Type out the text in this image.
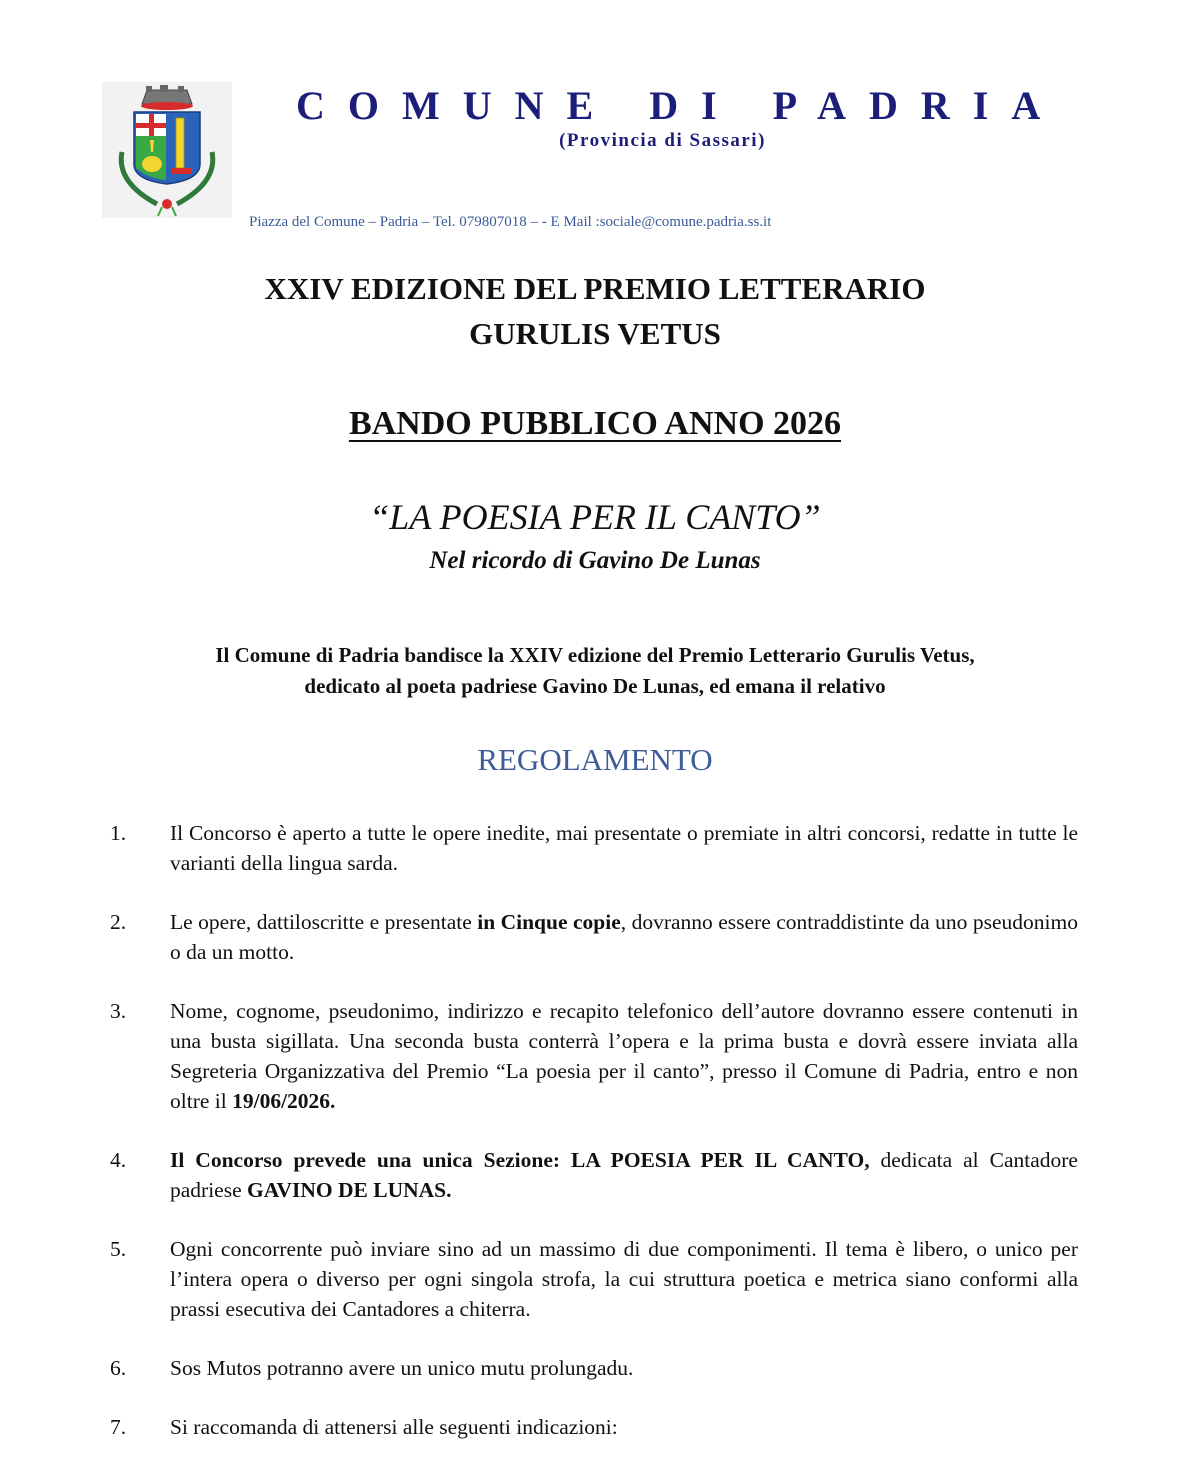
COMUNE DI PADRIA
(Provincia di Sassari)
Piazza del Comune – Padria – Tel. 079807018 – - E Mail :sociale@comune.padria.ss.it
XXIV EDIZIONE DEL PREMIO LETTERARIO
GURULIS VETUS
BANDO PUBBLICO ANNO 2026
“LA POESIA PER IL CANTO”
Nel ricordo di Gavino De Lunas
Il Comune di Padria bandisce la XXIV edizione del Premio Letterario Gurulis Vetus,
dedicato al poeta padriese Gavino De Lunas, ed emana il relativo
REGOLAMENTO
1.	Il Concorso è aperto a tutte le opere inedite, mai presentate o premiate in altri concorsi, redatte in tutte le varianti della lingua sarda.
2.	Le opere, dattiloscritte e presentate in Cinque copie, dovranno essere contraddistinte da uno pseudonimo o da un motto.
3.	Nome, cognome, pseudonimo, indirizzo e recapito telefonico dell’autore dovranno essere contenuti in una busta sigillata. Una seconda busta conterrà l’opera e la prima busta e dovrà essere inviata alla Segreteria Organizzativa del Premio “La poesia per il canto”, presso il Comune di Padria, entro e non oltre il 19/06/2026.
4.	Il Concorso prevede una unica Sezione: LA POESIA PER IL CANTO, dedicata al Cantadore padriese GAVINO DE LUNAS.
5.	Ogni concorrente può inviare sino ad un massimo di due componimenti. Il tema è libero, o unico per l’intera opera o diverso per ogni singola strofa, la cui struttura poetica e metrica siano conformi alla prassi esecutiva dei Cantadores a chiterra.
6.	Sos Mutos potranno avere un unico mutu prolungadu.
7.	Si raccomanda di attenersi alle seguenti indicazioni:
